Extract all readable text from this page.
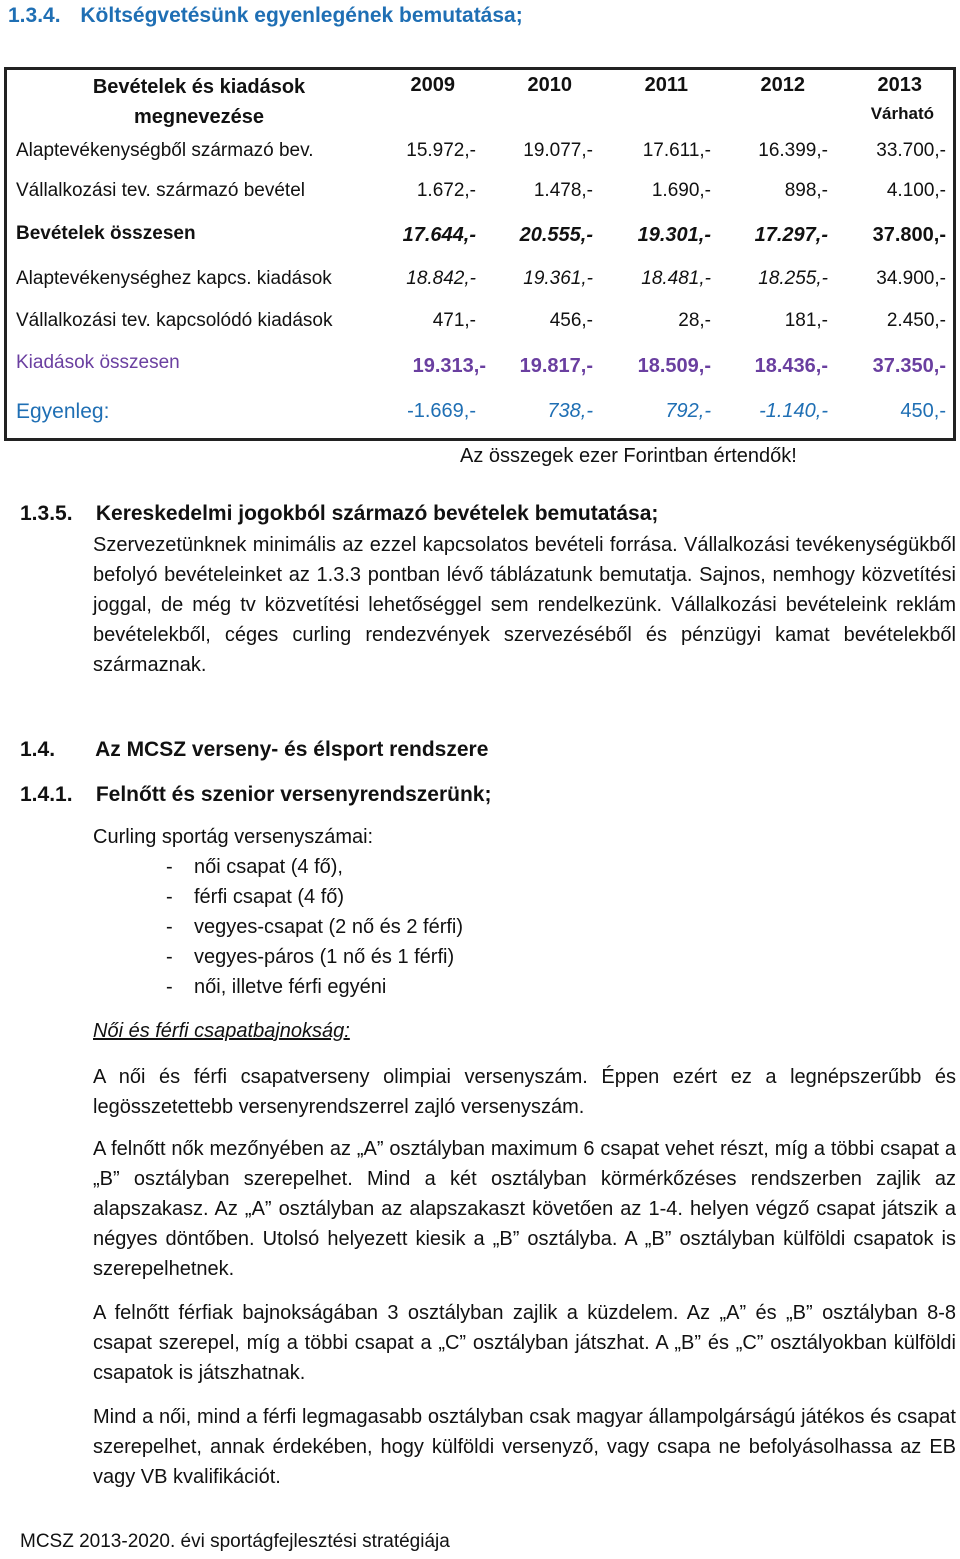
1.3.4. Költségvetésünk egyenlegének bemutatása;
Bevételek és kiadások
megnevezése
2009	2010	2011	2012	2013
Várható
Alaptevékenységből származó bev.	15.972,-	19.077,-	17.611,-	16.399,-	33.700,-
Vállalkozási tev. származó bevétel	1.672,-	1.478,-	1.690,-	898,-	4.100,-
Bevételek összesen	17.644,-	20.555,-	19.301,-	17.297,-	37.800,-
Alaptevékenységhez kapcs. kiadások	18.842,-	19.361,-	18.481,-	18.255,-	34.900,-
Vállalkozási tev. kapcsolódó kiadások	471,-	456,-	28,-	181,-	2.450,-
Kiadások összesen	19.313,-	19.817,-	18.509,-	18.436,-	37.350,-
Egyenleg:	-1.669,-	738,-	792,-	-1.140,-	450,-
Az összegek ezer Forintban értendők!
1.3.5. Kereskedelmi jogokból származó bevételek bemutatása;
Szervezetünknek minimális az ezzel kapcsolatos bevételi forrása. Vállalkozási tevékenységükből befolyó bevételeinket az 1.3.3 pontban lévő táblázatunk bemutatja. Sajnos, nemhogy közvetítési joggal, de még tv közvetítési lehetőséggel sem rendelkezünk. Vállalkozási bevételeink reklám bevételekből, céges curling rendezvények szervezéséből és pénzügyi kamat bevételekből származnak.
1.4. Az MCSZ verseny- és élsport rendszere
1.4.1. Felnőtt és szenior versenyrendszerünk;
Curling sportág versenyszámai:
- női csapat (4 fő),
- férfi csapat (4 fő)
- vegyes-csapat (2 nő és 2 férfi)
- vegyes-páros (1 nő és 1 férfi)
- női, illetve férfi egyéni
Női és férfi csapatbajnokság:
A női és férfi csapatverseny olimpiai versenyszám. Éppen ezért ez a legnépszerűbb és legösszetettebb versenyrendszerrel zajló versenyszám.
A felnőtt nők mezőnyében az „A” osztályban maximum 6 csapat vehet részt, míg a többi csapat a „B” osztályban szerepelhet. Mind a két osztályban körmérkőzéses rendszerben zajlik az alapszakasz. Az „A” osztályban az alapszakaszt követően az 1-4. helyen végző csapat játszik a négyes döntőben. Utolsó helyezett kiesik a „B” osztályba. A „B” osztályban külföldi csapatok is szerepelhetnek.
A felnőtt férfiak bajnokságában 3 osztályban zajlik a küzdelem. Az „A” és „B” osztályban 8-8 csapat szerepel, míg a többi csapat a „C” osztályban játszhat. A „B” és „C” osztályokban külföldi csapatok is játszhatnak.
Mind a női, mind a férfi legmagasabb osztályban csak magyar állampolgárságú játékos és csapat szerepelhet, annak érdekében, hogy külföldi versenyző, vagy csapa ne befolyásolhassa az EB vagy VB kvalifikációt.
MCSZ 2013-2020. évi sportágfejlesztési stratégiája
